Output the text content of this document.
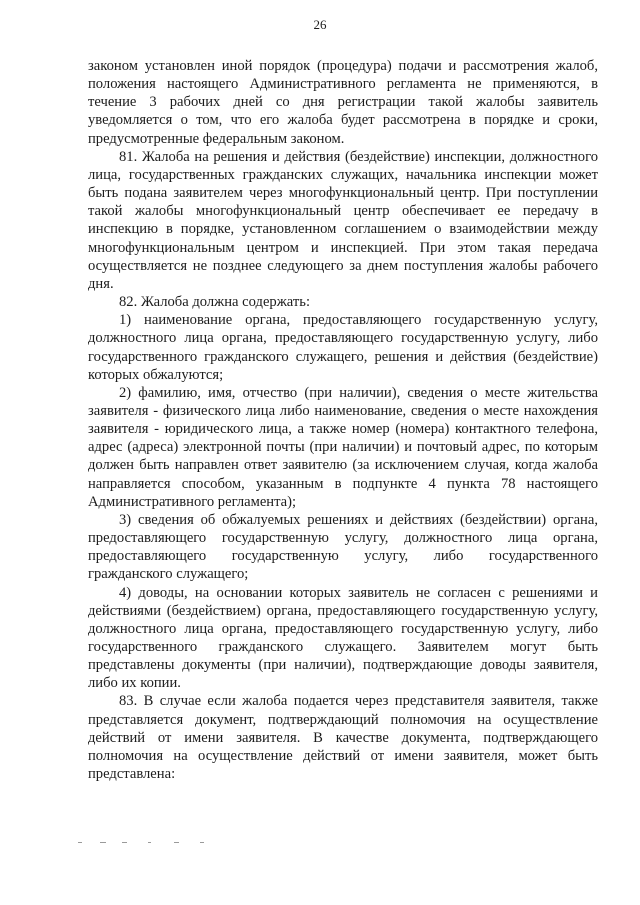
26

законом установлен иной порядок (процедура) подачи и рассмотрения жалоб, положения настоящего Административного регламента не применяются, в течение 3 рабочих дней со дня регистрации такой жалобы заявитель уведомляется о том, что его жалоба будет рассмотрена в порядке и сроки, предусмотренные федеральным законом.

81. Жалоба на решения и действия (бездействие) инспекции, должностного лица, государственных гражданских служащих, начальника инспекции может быть подана заявителем через многофункциональный центр. При поступлении такой жалобы многофункциональный центр обеспечивает ее передачу в инспекцию в порядке, установленном соглашением о взаимодействии между многофункциональным центром и инспекцией. При этом такая передача осуществляется не позднее следующего за днем поступления жалобы рабочего дня.

82. Жалоба должна содержать:

1) наименование органа, предоставляющего государственную услугу, должностного лица органа, предоставляющего государственную услугу, либо государственного гражданского служащего, решения и действия (бездействие) которых обжалуются;

2) фамилию, имя, отчество (при наличии), сведения о месте жительства заявителя - физического лица либо наименование, сведения о месте нахождения заявителя - юридического лица, а также номер (номера) контактного телефона, адрес (адреса) электронной почты (при наличии) и почтовый адрес, по которым должен быть направлен ответ заявителю (за исключением случая, когда жалоба направляется способом, указанным в подпункте 4 пункта 78 настоящего Административного регламента);

3) сведения об обжалуемых решениях и действиях (бездействии) органа, предоставляющего государственную услугу, должностного лица органа, предоставляющего государственную услугу, либо государственного гражданского служащего;

4) доводы, на основании которых заявитель не согласен с решениями и действиями (бездействием) органа, предоставляющего государственную услугу, должностного лица органа, предоставляющего государственную услугу, либо государственного гражданского служащего. Заявителем могут быть представлены документы (при наличии), подтверждающие доводы заявителя, либо их копии.

83. В случае если жалоба подается через представителя заявителя, также представляется документ, подтверждающий полномочия на осуществление действий от имени заявителя. В качестве документа, подтверждающего полномочия на осуществление действий от имени заявителя, может быть представлена:
